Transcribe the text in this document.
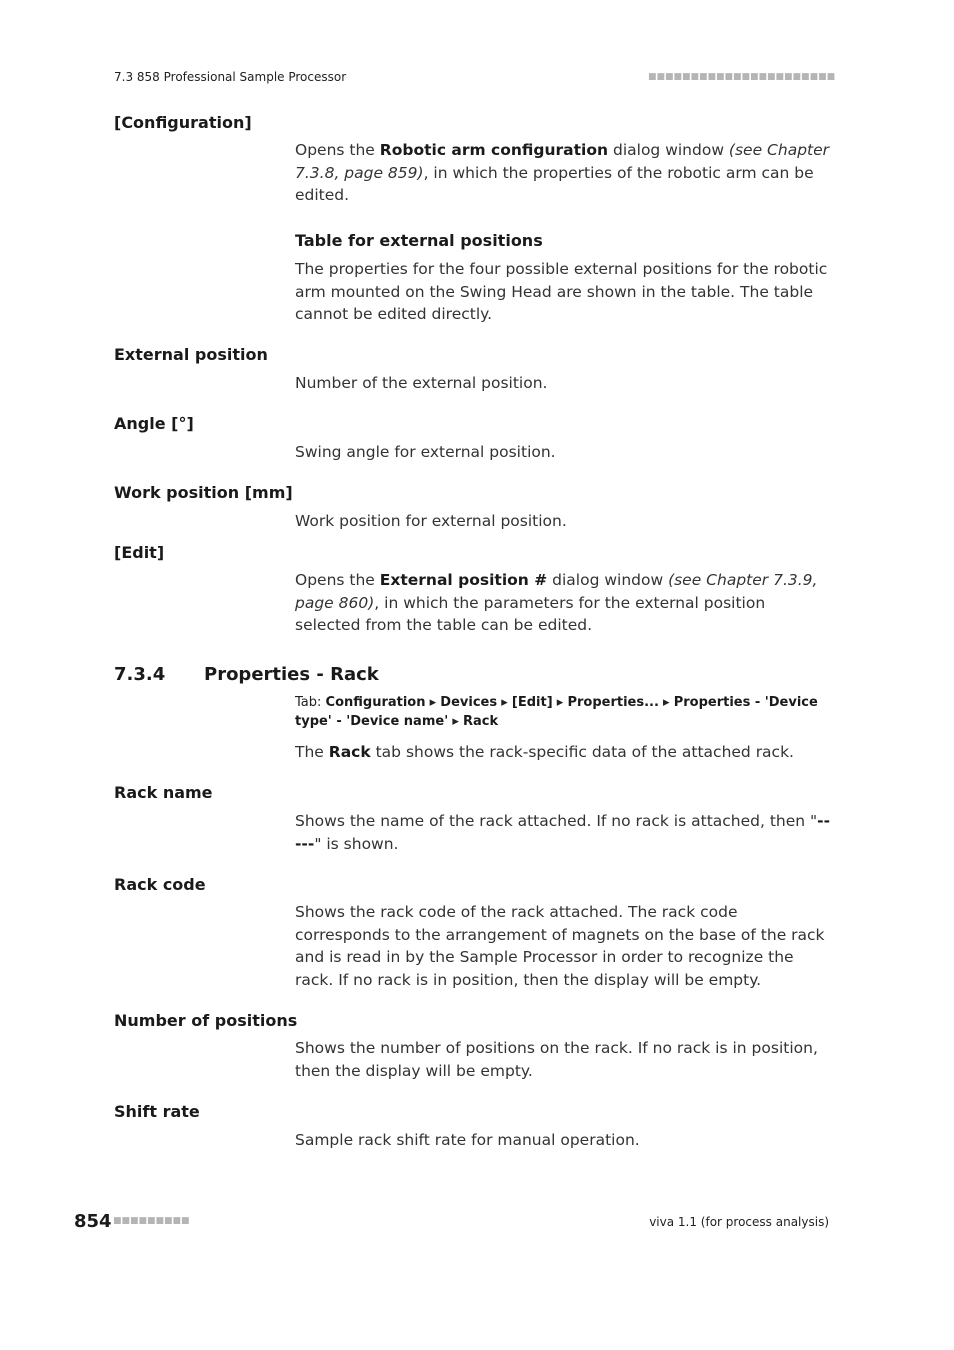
7.3 858 Professional Sample Processor	■■■■■■■■■■■■■■■■■■■■■■
[Configuration]
Opens the Robotic arm configuration dialog window (see Chapter 7.3.8, page 859), in which the properties of the robotic arm can be edited.
Table for external positions
The properties for the four possible external positions for the robotic arm mounted on the Swing Head are shown in the table. The table cannot be edited directly.
External position
Number of the external position.
Angle [°]
Swing angle for external position.
Work position [mm]
Work position for external position.
[Edit]
Opens the External position # dialog window (see Chapter 7.3.9, page 860), in which the parameters for the external position selected from the table can be edited.
7.3.4 Properties - Rack
Tab: Configuration ▸ Devices ▸ [Edit] ▸ Properties... ▸ Properties - 'Device type' - 'Device name' ▸ Rack
The Rack tab shows the rack-specific data of the attached rack.
Rack name
Shows the name of the rack attached. If no rack is attached, then "-----" is shown.
Rack code
Shows the rack code of the rack attached. The rack code corresponds to the arrangement of magnets on the base of the rack and is read in by the Sample Processor in order to recognize the rack. If no rack is in position, then the display will be empty.
Number of positions
Shows the number of positions on the rack. If no rack is in position, then the display will be empty.
Shift rate
Sample rack shift rate for manual operation.
854 ■■■■■■■■■	viva 1.1 (for process analysis)
